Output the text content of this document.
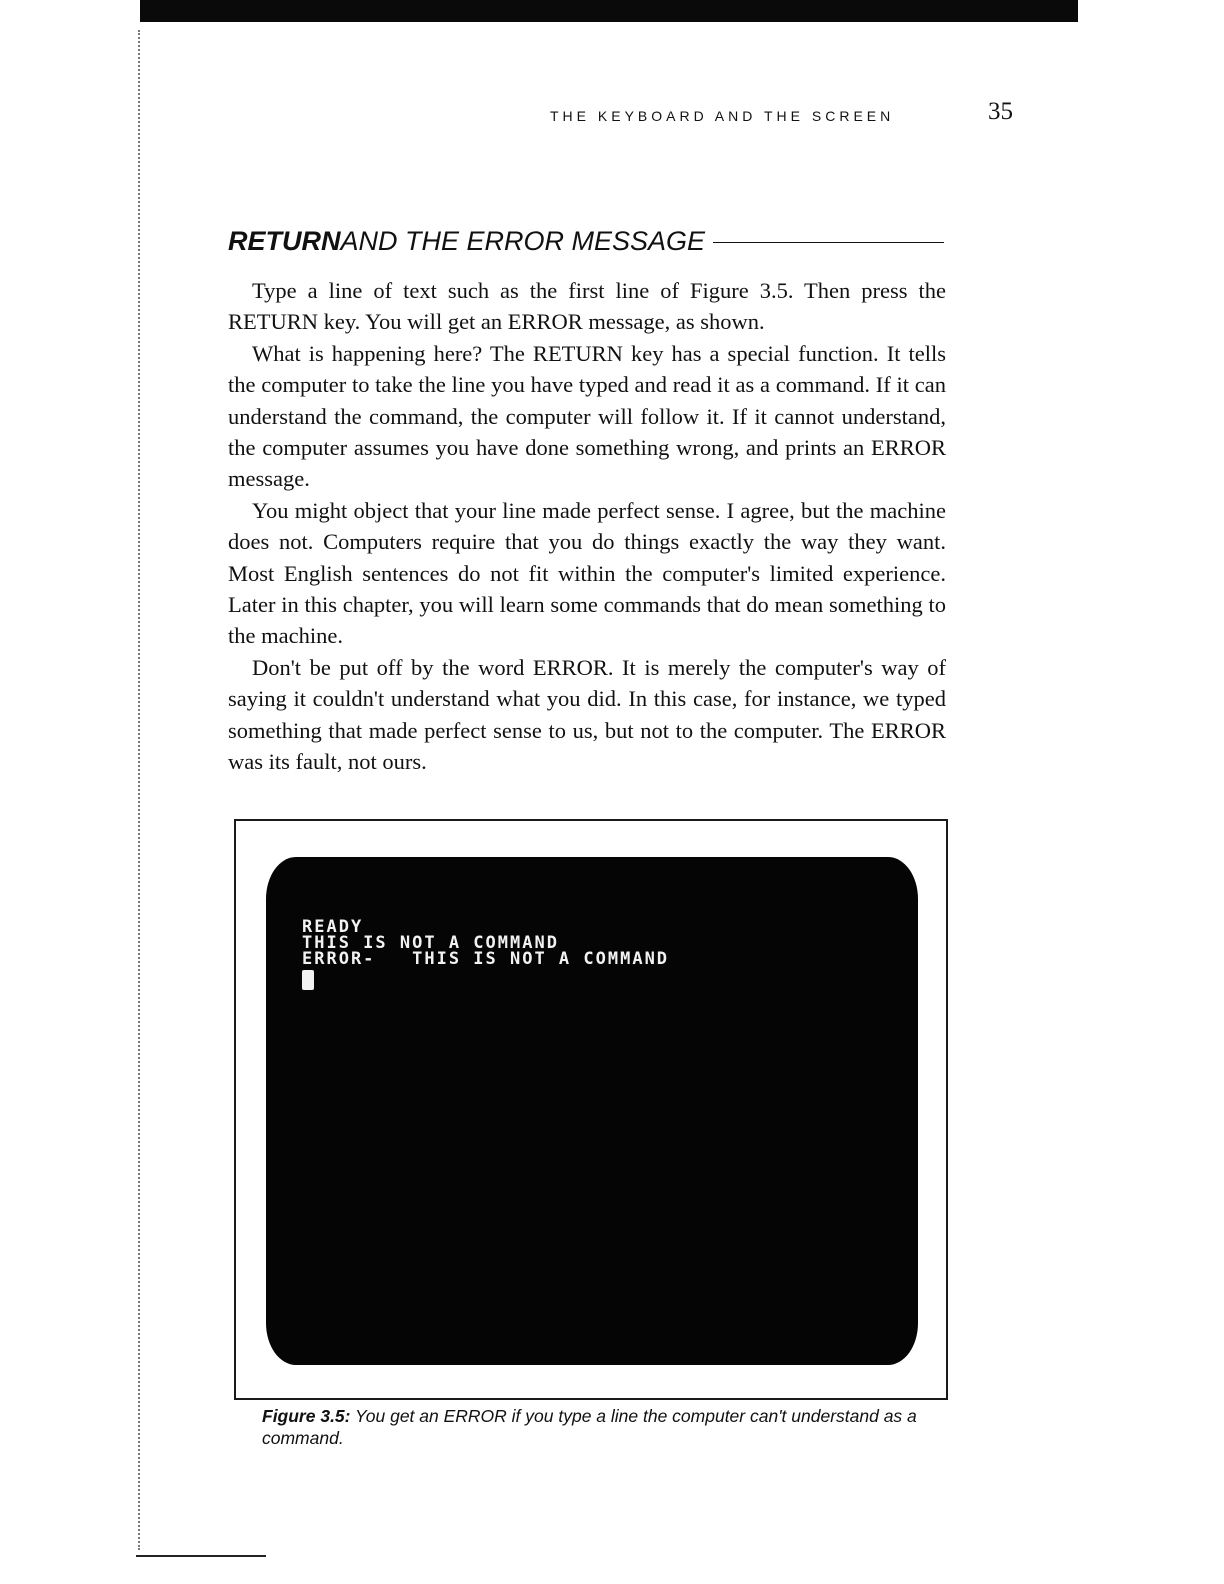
THE KEYBOARD AND THE SCREEN	35
RETURN AND THE ERROR MESSAGE

Type a line of text such as the first line of Figure 3.5. Then press the RETURN key. You will get an ERROR message, as shown.

What is happening here? The RETURN key has a special function. It tells the computer to take the line you have typed and read it as a command. If it can understand the command, the computer will follow it. If it cannot understand, the computer assumes you have done something wrong, and prints an ERROR message.

You might object that your line made perfect sense. I agree, but the machine does not. Computers require that you do things exactly the way they want. Most English sentences do not fit within the computer's limited experience. Later in this chapter, you will learn some commands that do mean something to the machine.

Don't be put off by the word ERROR. It is merely the computer's way of saying it couldn't understand what you did. In this case, for instance, we typed something that made perfect sense to us, but not to the computer. The ERROR was its fault, not ours.

READY
THIS IS NOT A COMMAND
ERROR-   THIS IS NOT A COMMAND
Figure 3.5: You get an ERROR if you type a line the computer can't understand as a command.
